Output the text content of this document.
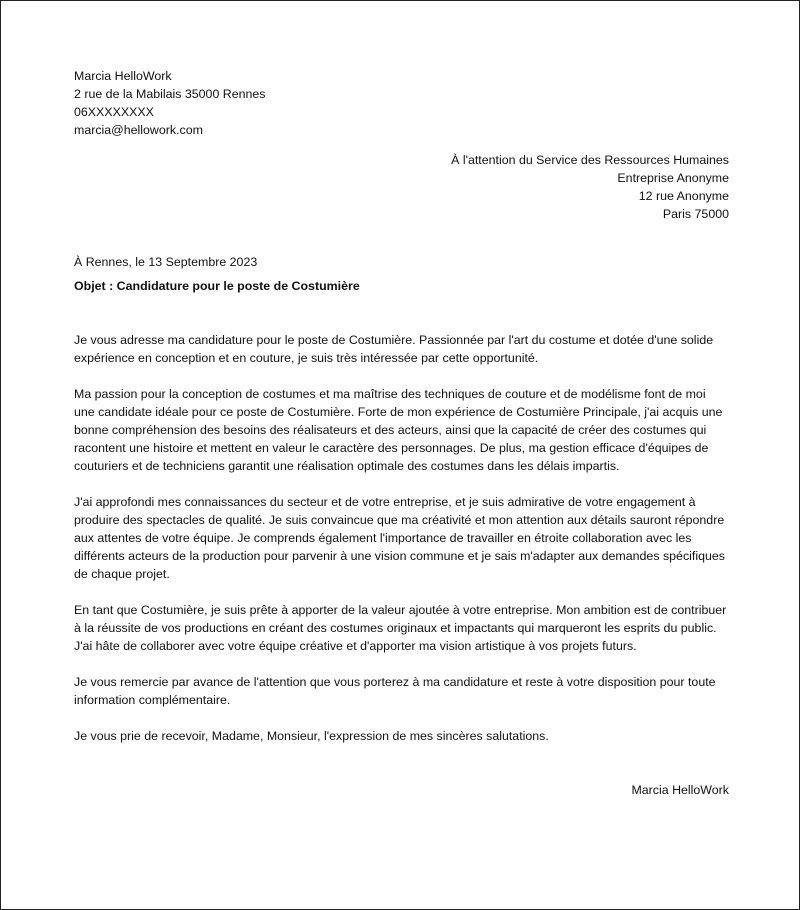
Marcia HelloWork
2 rue de la Mabilais 35000 Rennes
06XXXXXXXX
marcia@hellowork.com
À l'attention du Service des Ressources Humaines
Entreprise Anonyme
12 rue Anonyme
Paris 75000
À Rennes, le 13 Septembre 2023
Objet : Candidature pour le poste de Costumière

Je vous adresse ma candidature pour le poste de Costumière. Passionnée par l'art du costume et dotée d'une solide expérience en conception et en couture, je suis très intéressée par cette opportunité.

Ma passion pour la conception de costumes et ma maîtrise des techniques de couture et de modélisme font de moi une candidate idéale pour ce poste de Costumière. Forte de mon expérience de Costumière Principale, j'ai acquis une bonne compréhension des besoins des réalisateurs et des acteurs, ainsi que la capacité de créer des costumes qui racontent une histoire et mettent en valeur le caractère des personnages. De plus, ma gestion efficace d'équipes de couturiers et de techniciens garantit une réalisation optimale des costumes dans les délais impartis.

J'ai approfondi mes connaissances du secteur et de votre entreprise, et je suis admirative de votre engagement à produire des spectacles de qualité. Je suis convaincue que ma créativité et mon attention aux détails sauront répondre aux attentes de votre équipe. Je comprends également l'importance de travailler en étroite collaboration avec les différents acteurs de la production pour parvenir à une vision commune et je sais m'adapter aux demandes spécifiques de chaque projet.

En tant que Costumière, je suis prête à apporter de la valeur ajoutée à votre entreprise. Mon ambition est de contribuer à la réussite de vos productions en créant des costumes originaux et impactants qui marqueront les esprits du public. J'ai hâte de collaborer avec votre équipe créative et d'apporter ma vision artistique à vos projets futurs.

Je vous remercie par avance de l'attention que vous porterez à ma candidature et reste à votre disposition pour toute information complémentaire.

Je vous prie de recevoir, Madame, Monsieur, l'expression de mes sincères salutations.

Marcia HelloWork
